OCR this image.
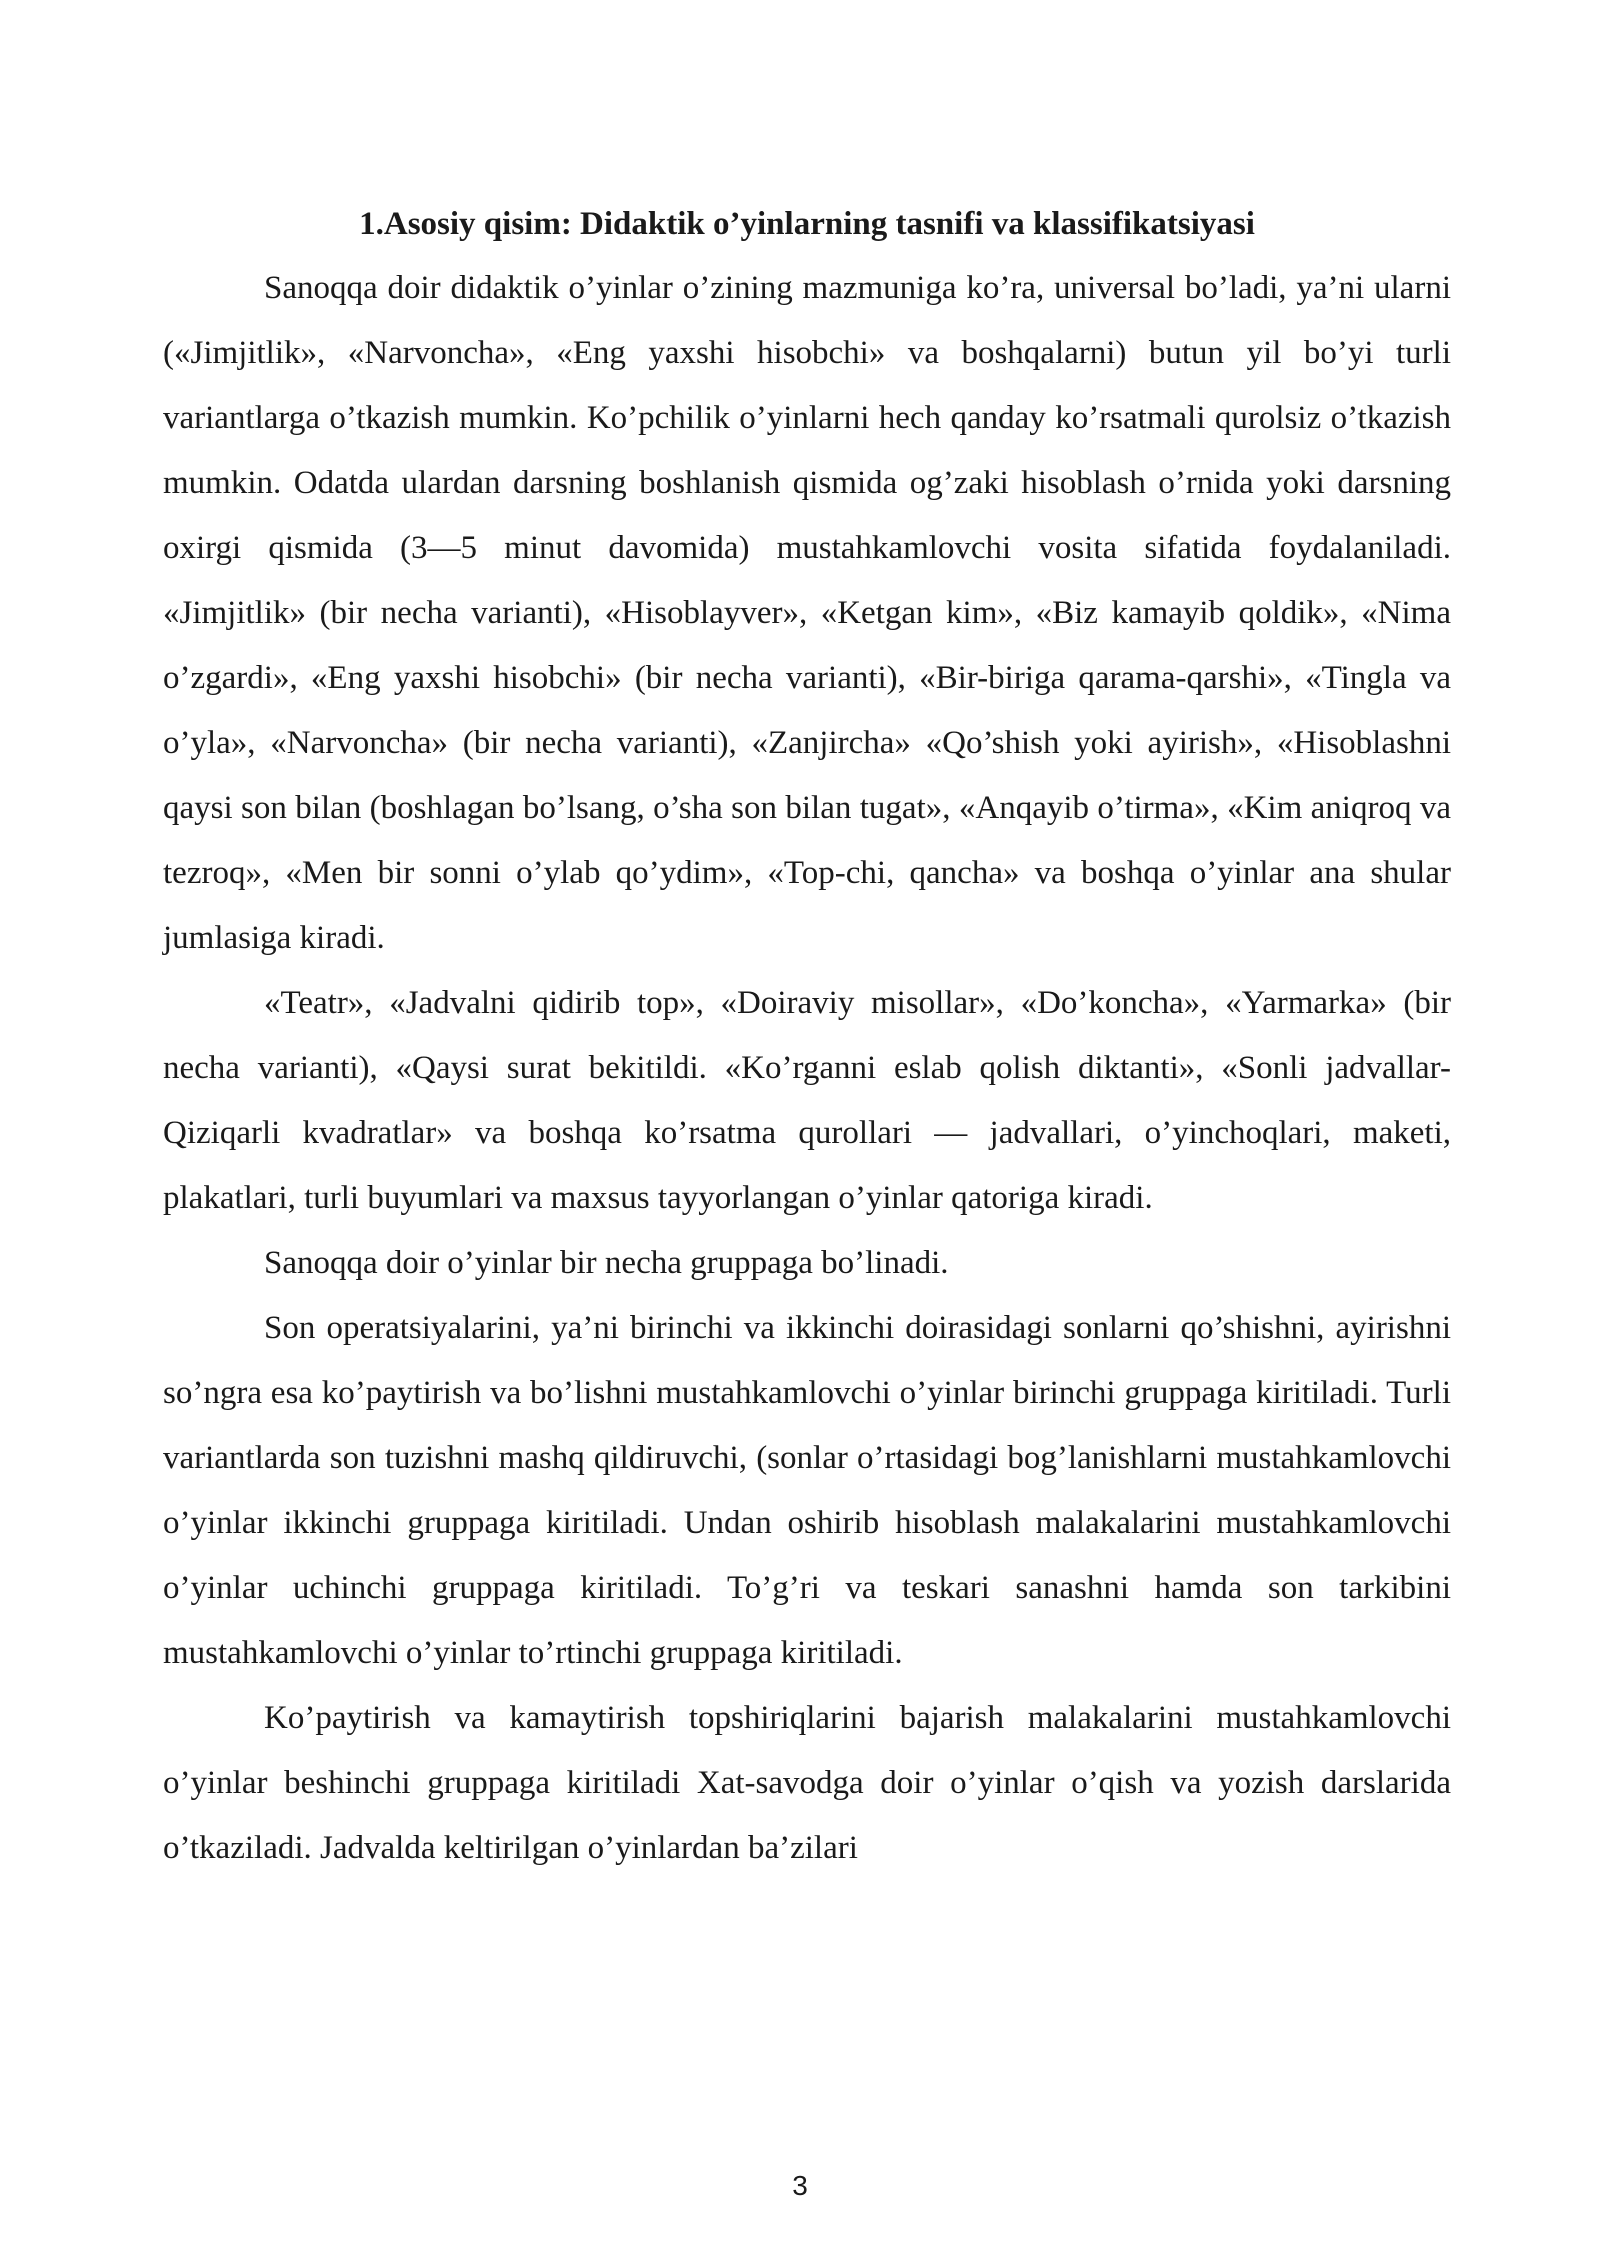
1.Asosiy qisim: Didaktik o’yinlarning tasnifi va klassifikatsiyasi

Sanoqqa doir didaktik o’yinlar o’zining mazmuniga ko’ra, universal bo’ladi, ya’ni ularni («Jimjitlik», «Narvoncha», «Eng yaxshi hisobchi» va boshqalarni) butun yil bo’yi turli variantlarga o’tkazish mumkin. Ko’pchilik o’yinlarni hech qanday ko’rsatmali qurolsiz o’tkazish mumkin. Odatda ulardan darsning boshlanish qismida og’zaki hisoblash o’rnida yoki darsning oxirgi qismida (3—5 minut davomida) mustahkamlovchi vosita sifatida foydalaniladi. «Jimjitlik» (bir necha varianti), «Hisoblayver», «Ketgan kim», «Biz kamayib qoldik», «Nima o’zgardi», «Eng yaxshi hisobchi» (bir necha varianti), «Bir-biriga qarama-qarshi», «Tingla va o’yla», «Narvoncha» (bir necha varianti), «Zanjircha» «Qo’shish yoki ayirish», «Hisoblashni qaysi son bilan (boshlagan bo’lsang, o’sha son bilan tugat», «Anqayib o’tirma», «Kim aniqroq va tezroq», «Men bir sonni o’ylab qo’ydim», «Top-chi, qancha» va boshqa o’yinlar ana shular jumlasiga kiradi.

«Teatr», «Jadvalni qidirib top», «Doiraviy misollar», «Do’koncha», «Yarmarka» (bir necha varianti), «Qaysi surat bekitildi. «Ko’rganni eslab qolish diktanti», «Sonli jadvallar- Qiziqarli kvadratlar» va boshqa ko’rsatma qurollari — jadvallari, o’yinchoqlari, maketi, plakatlari, turli buyumlari va maxsus tayyorlangan o’yinlar qatoriga kiradi.

Sanoqqa doir o’yinlar bir necha gruppaga bo’linadi.

Son operatsiyalarini, ya’ni birinchi va ikkinchi doirasidagi sonlarni qo’shishni, ayirishni so’ngra esa ko’paytirish va bo’lishni mustahkamlovchi o’yinlar birinchi gruppaga kiritiladi. Turli variantlarda son tuzishni mashq qildiruvchi, (sonlar o’rtasidagi bog’lanishlarni mustahkamlovchi o’yinlar ikkinchi gruppaga kiritiladi. Undan oshirib hisoblash malakalarini mustahkamlovchi o’yinlar uchinchi gruppaga kiritiladi. To’g’ri va teskari sanashni hamda son tarkibini mustahkamlovchi o’yinlar to’rtinchi gruppaga kiritiladi.

Ko’paytirish va kamaytirish topshiriqlarini bajarish malakalarini mustahkamlovchi o’yinlar beshinchi gruppaga kiritiladi Xat-savodga doir o’yinlar o’qish va yozish darslarida o’tkaziladi. Jadvalda keltirilgan o’yinlardan ba’zilari

3
